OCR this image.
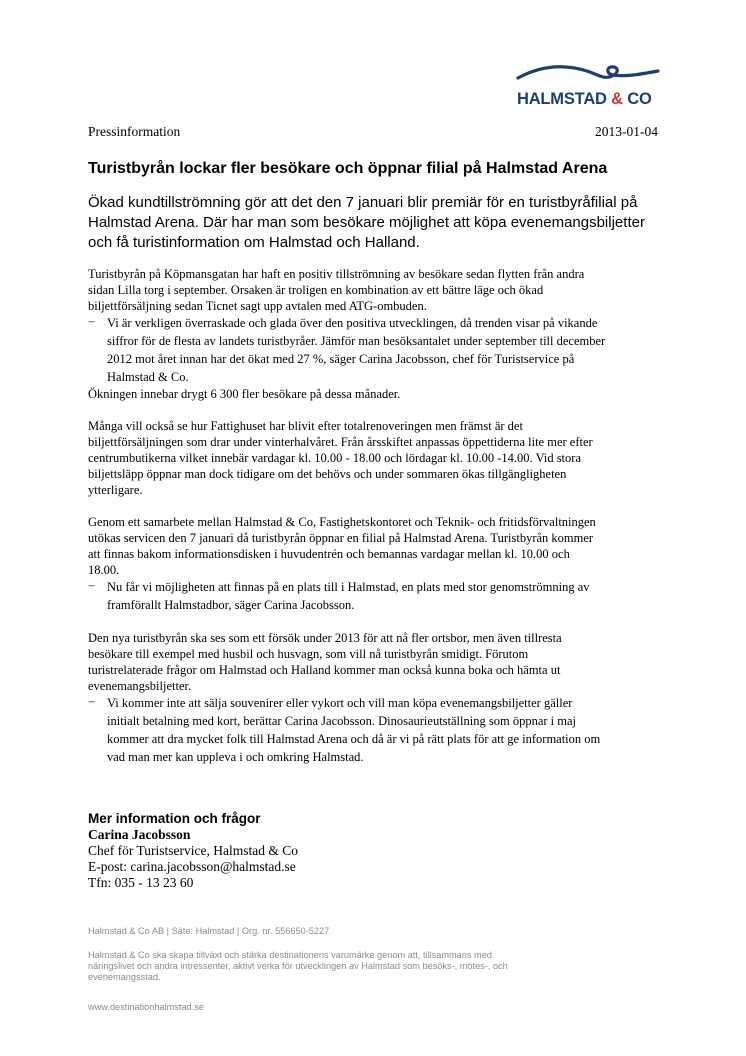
HALMSTAD & CO
Pressinformation	2013-01-04
Turistbyrån lockar fler besökare och öppnar filial på Halmstad Arena

Ökad kundtillströmning gör att det den 7 januari blir premiär för en turistbyråfilial på

Halmstad Arena. Där har man som besökare möjlighet att köpa evenemangsbiljetter

och få turistinformation om Halmstad och Halland.

Turistbyrån på Köpmansgatan har haft en positiv tillströmning av besökare sedan flytten från andra

sidan Lilla torg i september. Orsaken är troligen en kombination av ett bättre läge och ökad

biljettförsäljning sedan Ticnet sagt upp avtalen med ATG-ombuden.

− Vi är verkligen överraskade och glada över den positiva utvecklingen, då trenden visar på vikande

siffror för de flesta av landets turistbyråer. Jämför man besöksantalet under september till december

2012 mot året innan har det ökat med 27 %, säger Carina Jacobsson, chef för Turistservice på

Halmstad & Co.

Ökningen innebar drygt 6 300 fler besökare på dessa månader.

Många vill också se hur Fattighuset har blivit efter totalrenoveringen men främst är det

biljettförsäljningen som drar under vinterhalvåret. Från årsskiftet anpassas öppettiderna lite mer efter

centrumbutikerna vilket innebär vardagar kl. 10.00 - 18.00 och lördagar kl. 10.00 -14.00. Vid stora

biljettsläpp öppnar man dock tidigare om det behövs och under sommaren ökas tillgängligheten

ytterligare.

Genom ett samarbete mellan Halmstad & Co, Fastighetskontoret och Teknik- och fritidsförvaltningen

utökas servicen den 7 januari då turistbyrån öppnar en filial på Halmstad Arena. Turistbyrån kommer

att finnas bakom informationsdisken i huvudentrén och bemannas vardagar mellan kl. 10.00 och

18.00.

− Nu får vi möjligheten att finnas på en plats till i Halmstad, en plats med stor genomströmning av

framförallt Halmstadbor, säger Carina Jacobsson.

Den nya turistbyrån ska ses som ett försök under 2013 för att nå fler ortsbor, men även tillresta

besökare till exempel med husbil och husvagn, som vill nå turistbyrån smidigt. Förutom

turistrelaterade frågor om Halmstad och Halland kommer man också kunna boka och hämta ut

evenemangsbiljetter.

− Vi kommer inte att sälja souvenirer eller vykort och vill man köpa evenemangsbiljetter gäller

initialt betalning med kort, berättar Carina Jacobsson. Dinosaurieutställning som öppnar i maj

kommer att dra mycket folk till Halmstad Arena och då är vi på rätt plats för att ge information om

vad man mer kan uppleva i och omkring Halmstad.

Mer information och frågor
Carina Jacobsson
Chef för Turistservice, Halmstad & Co
E-post: carina.jacobsson@halmstad.se
Tfn: 035 - 13 23 60
Halmstad & Co AB | Säte: Halmstad | Org. nr. 556650-5227
Halmstad & Co ska skapa tillväxt och stärka destinationens varumärke genom att, tillsammans med
näringslivet och andra intressenter, aktivt verka för utvecklingen av Halmstad som besöks-, mötes-, och
evenemangsstad.
www.destinationhalmstad.se
